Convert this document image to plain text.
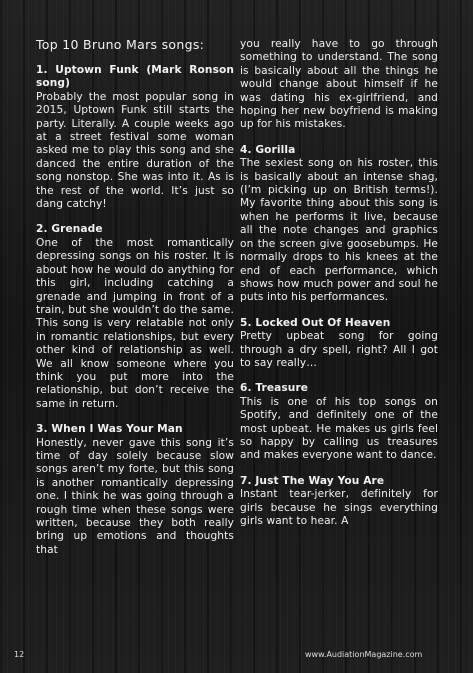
Top 10 Bruno Mars songs:
1. Uptown Funk (Mark Ronson song)
Probably the most popular song in 2015, Uptown Funk still starts the party. Literally. A couple weeks ago at a street festival some woman asked me to play this song and she danced the entire duration of the song nonstop. She was into it. As is the rest of the world. It’s just so dang catchy!
2. Grenade
One of the most romantically depressing songs on his roster. It is about how he would do anything for this girl, including catching a grenade and jumping in front of a train, but she wouldn’t do the same. This song is very relatable not only in romantic relationships, but every other kind of relationship as well. We all know someone where you think you put more into the relationship, but don’t receive the same in return.
3. When I Was Your Man
Honestly, never gave this song it’s time of day solely because slow songs aren’t my forte, but this song is another romantically depressing one. I think he was going through a rough time when these songs were written, because they both really bring up emotions and thoughts that
you really have to go through something to understand. The song is basically about all the things he would change about himself if he was dating his ex-girlfriend, and hoping her new boyfriend is making up for his mistakes.
4. Gorilla
The sexiest song on his roster, this is basically about an intense shag, (I’m picking up on British terms!). My favorite thing about this song is when he performs it live, because all the note changes and graphics on the screen give goosebumps. He normally drops to his knees at the end of each performance, which shows how much power and soul he puts into his performances.
5. Locked Out Of Heaven
Pretty upbeat song for going through a dry spell, right? All I got to say really…
6. Treasure
This is one of his top songs on Spotify, and definitely one of the most upbeat. He makes us girls feel so happy by calling us treasures and makes everyone want to dance.
7. Just The Way You Are
Instant tear-jerker, definitely for girls because he sings everything girls want to hear. A
12	www.AudiationMagazine.com
